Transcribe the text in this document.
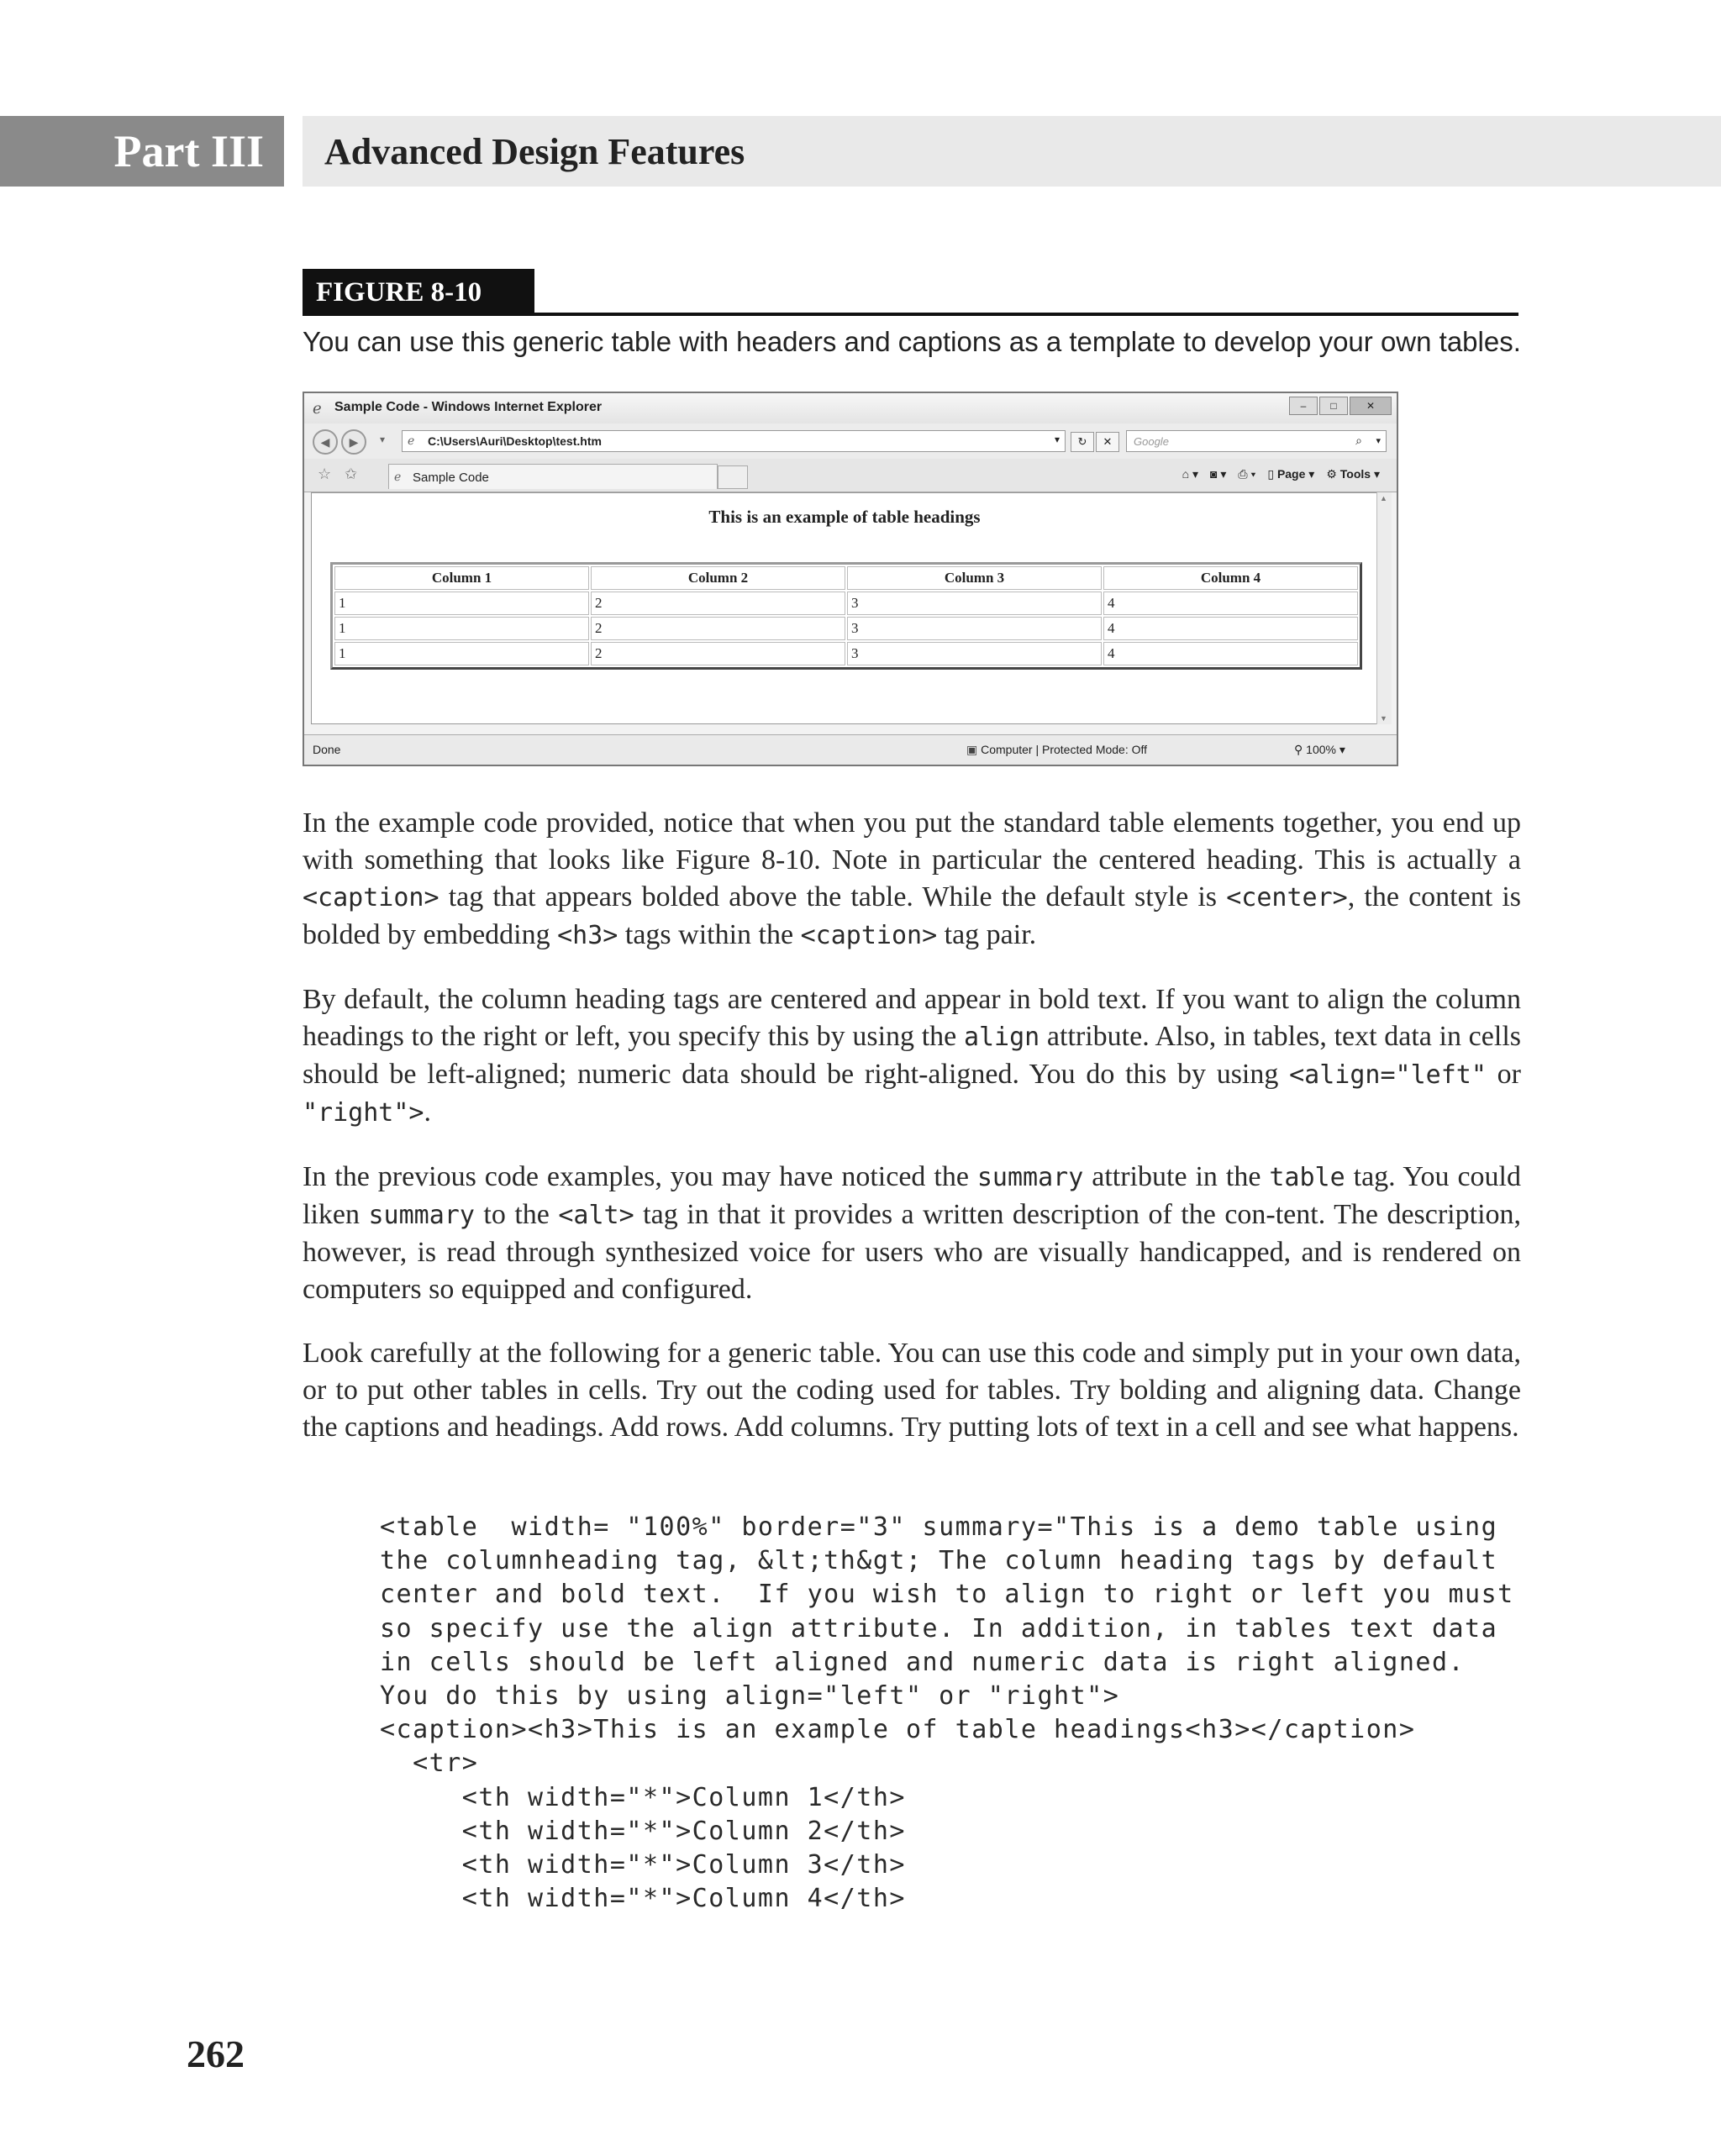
Part III	Advanced Design Features
FIGURE 8-10
You can use this generic table with headers and captions as a template to develop your own tables.
ℯ Sample Code - Windows Internet Explorer	–	□	✕
◀	▶	▾ ℯ C:\Users\Auri\Desktop\test.htm	▾	↻	✕	Google	⌕ ▾
☆ ✩	ℯ Sample Code	⌂ ▾ ◙ ▾ ⎙ ▾ ▯ Page ▾ ⚙ Tools ▾
This is an example of table headings
Column 1	Column 2	Column 3	Column 4
1	2	3	4
1	2	3	4
1	2	3	4
▲
▼
Done	▣ Computer | Protected Mode: Off	⚲ 100% ▾

In the example code provided, notice that when you put the standard table elements together, you end up with something that looks like Figure 8-10. Note in particular the centered heading. This is actually a <caption> tag that appears bolded above the table. While the default style is <center>, the content is bolded by embedding <h3> tags within the <caption> tag pair.

By default, the column heading tags are centered and appear in bold text. If you want to align the column headings to the right or left, you specify this by using the align attribute. Also, in tables, text data in cells should be left-aligned; numeric data should be right-aligned. You do this by using <align="left" or "right">.

In the previous code examples, you may have noticed the summary attribute in the table tag. You could liken summary to the <alt> tag in that it provides a written description of the con-tent. The description, however, is read through synthesized voice for users who are visually handicapped, and is rendered on computers so equipped and configured.

Look carefully at the following for a generic table. You can use this code and simply put in your own data, or to put other tables in cells. Try out the coding used for tables. Try bolding and aligning data. Change the captions and headings. Add rows. Add columns. Try putting lots of text in a cell and see what happens.

<table  width= "100%" border="3" summary="This is a demo table using
the columnheading tag, &lt;th&gt; The column heading tags by default
center and bold text.  If you wish to align to right or left you must
so specify use the align attribute. In addition, in tables text data
in cells should be left aligned and numeric data is right aligned.
You do this by using align="left" or "right">
<caption><h3>This is an example of table headings<h3></caption>
<tr>
<th width="*">Column 1</th>
<th width="*">Column 2</th>
<th width="*">Column 3</th>
<th width="*">Column 4</th>
262
